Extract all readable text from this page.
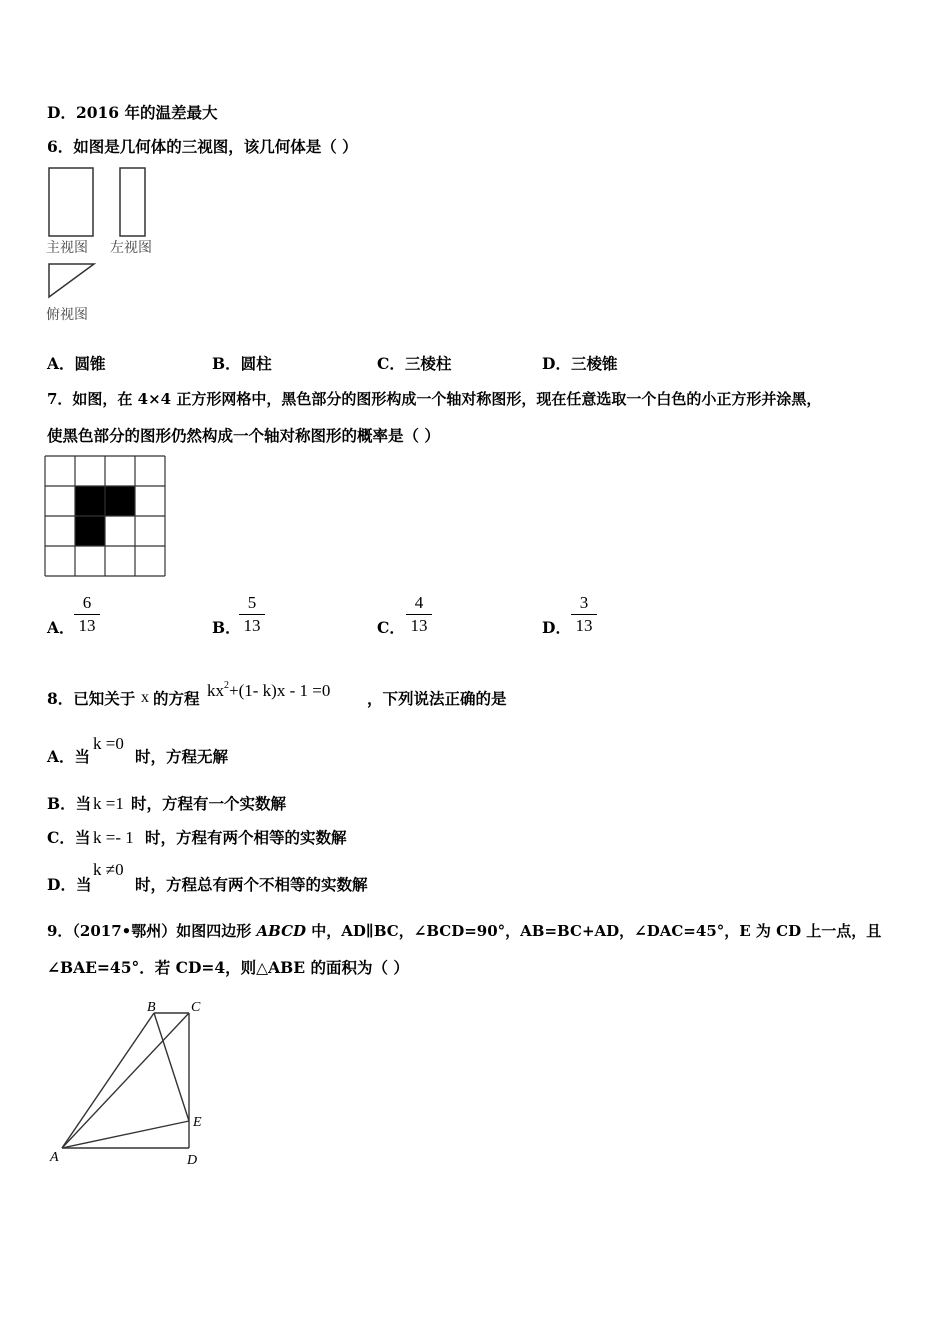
D．2016 年的温差最大
6．如图是几何体的三视图，该几何体是（ ）
主视图 左视图
俯视图
A．圆锥	B．圆柱	C．三棱柱	D．三棱锥
7．如图，在 4×4 正方形网格中，黑色部分的图形构成一个轴对称图形，现在任意选取一个白色的小正方形并涂黑，
使黑色部分的图形仍然构成一个轴对称图形的概率是（ ）
A．
6
13	B．
5
13	C．
4
13	D．
3
13
8．已知关于 x 的方程 $kx^2+(1-$ k)x - 1 =0 ，下列说法正确的是
A．当
k =0
时，方程无解
B．当 k =1 时，方程有一个实数解
C．当 k =- 1 时，方程有两个相等的实数解
D．当
k ≠0
时，方程总有两个不相等的实数解
9．（2017•鄂州）如图四边形 ABCD 中，AD∥BC，∠BCD=90°，AB=BC+AD，∠DAC=45°，E 为 CD 上一点，且
∠BAE=45°．若 CD=4，则△ABE 的面积为（ ）
B	C
E
A	D
